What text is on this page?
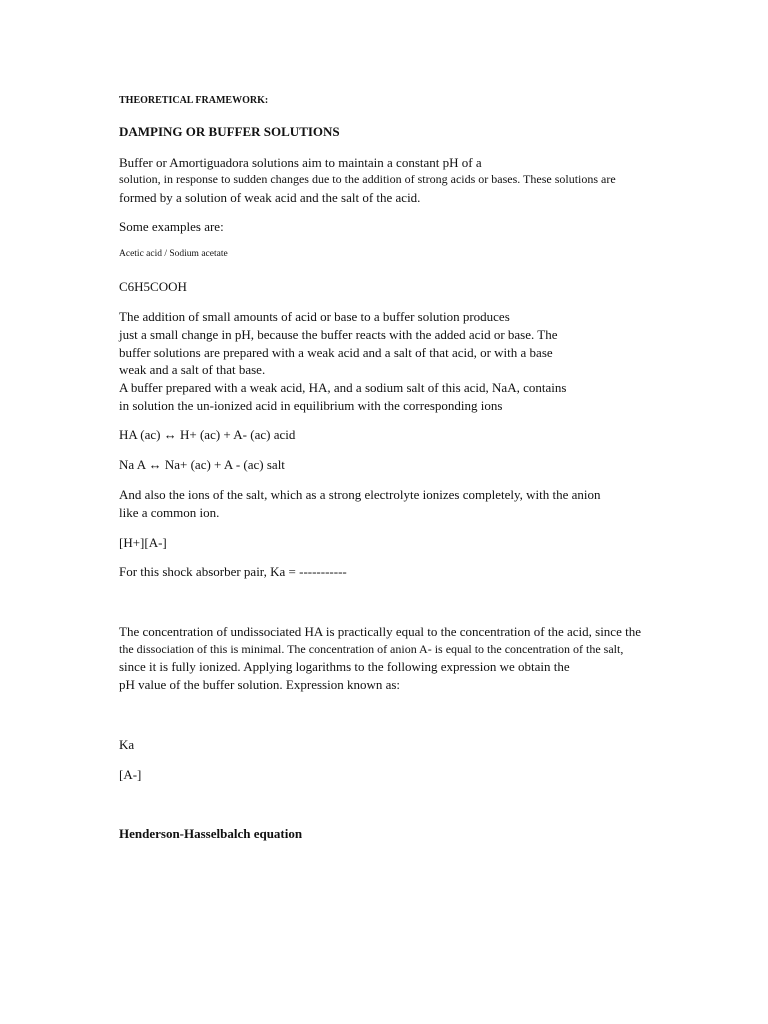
THEORETICAL FRAMEWORK:
DAMPING OR BUFFER SOLUTIONS
Buffer or Amortiguadora solutions aim to maintain a constant pH of a
solution, in response to sudden changes due to the addition of strong acids or bases. These solutions are
formed by a solution of weak acid and the salt of the acid.
Some examples are:
Acetic acid / Sodium acetate
C6H5COOH
The addition of small amounts of acid or base to a buffer solution produces
just a small change in pH, because the buffer reacts with the added acid or base. The
buffer solutions are prepared with a weak acid and a salt of that acid, or with a base
weak and a salt of that base.
A buffer prepared with a weak acid, HA, and a sodium salt of this acid, NaA, contains
in solution the un-ionized acid in equilibrium with the corresponding ions
HA (ac) ↔ H+ (ac) + A- (ac) acid
Na A ↔ Na+ (ac) + A - (ac) salt
And also the ions of the salt, which as a strong electrolyte ionizes completely, with the anion
like a common ion.
[H+][A-]
For this shock absorber pair, Ka = -----------
The concentration of undissociated HA is practically equal to the concentration of the acid, since the
the dissociation of this is minimal. The concentration of anion A- is equal to the concentration of the salt,
since it is fully ionized. Applying logarithms to the following expression we obtain the
pH value of the buffer solution. Expression known as:
Ka
[A-]
Henderson-Hasselbalch equation
